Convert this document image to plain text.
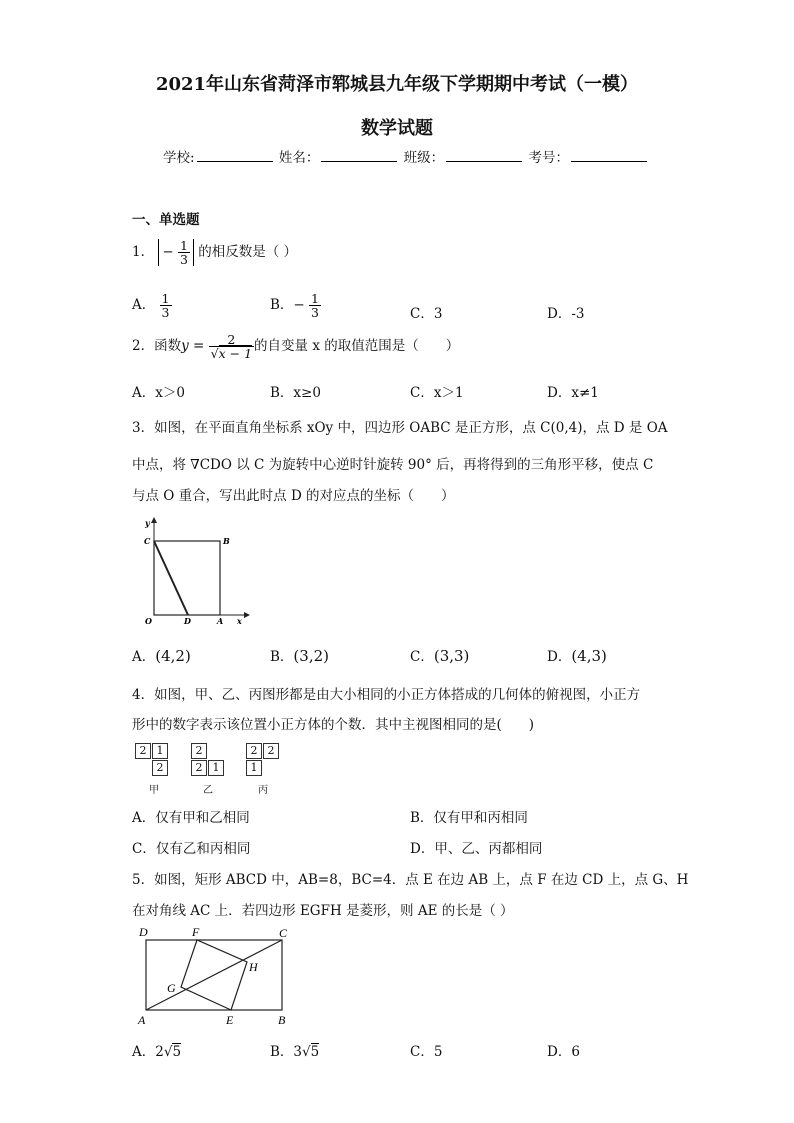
2021年山东省菏泽市郓城县九年级下学期期中考试（一模）
数学试题
学校:	姓名：	班级：	考号：
一、单选题
1． − $\frac{1}{3}$ 的相反数是（ ）
A． $\frac{1}{3}$	B．− $\frac{1}{3}$	C．3	D．-3
2．函数$y = \frac{2}{√x - 1}$ 的自变量 x 的取值范围是（　　）
A．x＞0	B．x≥0	C．x＞1	D．x≠1
3．如图，在平面直角坐标系 xOy 中，四边形 OABC 是正方形，点 C(0,4)，点 D 是 OA
中点，将 ∇CDO 以 C 为旋转中心逆时针旋转 90° 后，再将得到的三角形平移，使点 C
与点 O 重合，写出此时点 D 的对应点的坐标（　　）
y
C	B
O	D	A x
A．(4,2)	B．(3,2)	C．(3,3)	D．(4,3)
4．如图，甲、乙、丙图形都是由大小相同的小正方体搭成的几何体的俯视图，小正方
形中的数字表示该位置小正方体的个数．其中主视图相同的是(　　)
2 1
2
甲
2
2 1
乙
2 2
1
丙
A．仅有甲和乙相同	B．仅有甲和丙相同
C．仅有乙和丙相同	D．甲、乙、丙都相同
5．如图，矩形 ABCD 中，AB=8，BC=4．点 E 在边 AB 上，点 F 在边 CD 上，点 G、H
在对角线 AC 上．若四边形 EGFH 是菱形，则 AE 的长是（ ）
D	F	C
H
G
A	E	B
A．2√5	B．3√5	C．5	D．6
